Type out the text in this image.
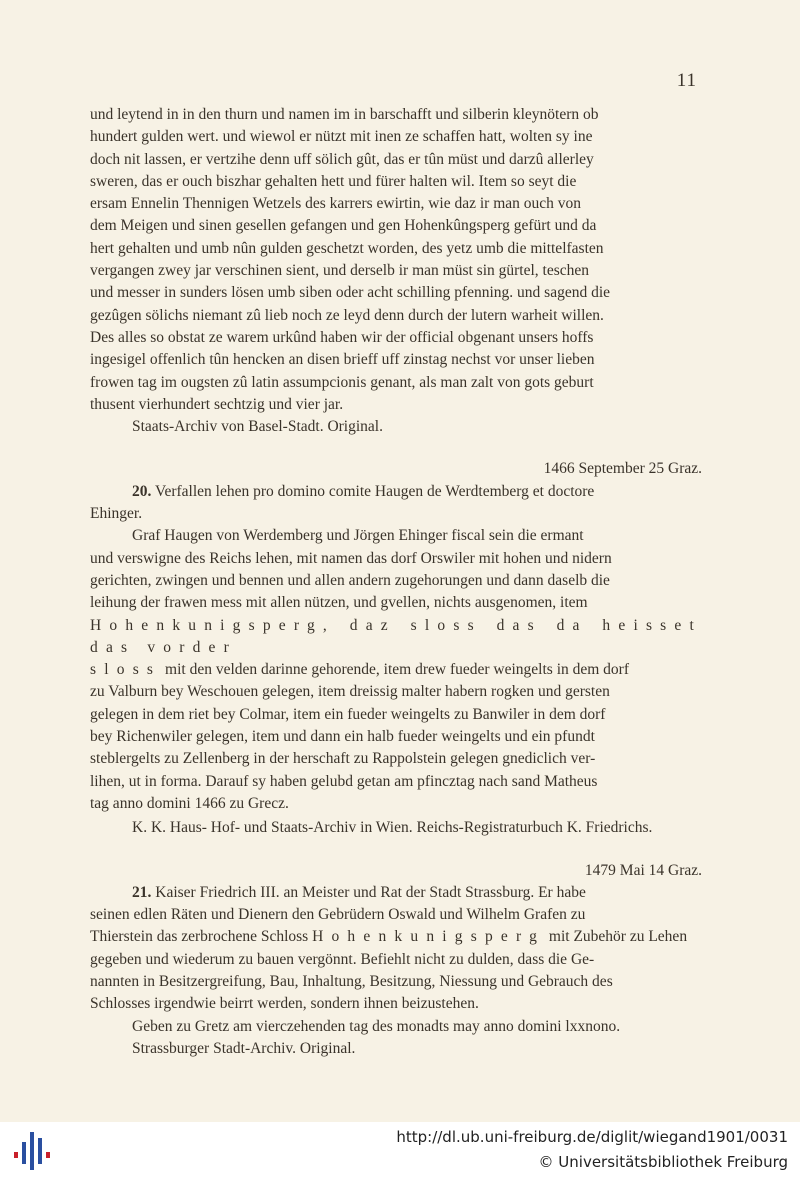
11

und leytend in in den thurn und namen im in barschafft und silberin kleynötern ob

hundert gulden wert. und wiewol er nützt mit inen ze schaffen hatt, wolten sy ine

doch nit lassen, er vertzihe denn uff sölich gût, das er tûn müst und darzû allerley

sweren, das er ouch biszhar gehalten hett und fürer halten wil. Item so seyt die

ersam Ennelin Thennigen Wetzels des karrers ewirtin, wie daz ir man ouch von

dem Meigen und sinen gesellen gefangen und gen Hohenkûngsperg gefürt und da

hert gehalten und umb nûn gulden geschetzt worden, des yetz umb die mittelfasten

vergangen zwey jar verschinen sient, und derselb ir man müst sin gürtel, teschen

und messer in sunders lösen umb siben oder acht schilling pfenning. und sagend die

gezûgen sölichs niemant zû lieb noch ze leyd denn durch der lutern warheit willen.

Des alles so obstat ze warem urkûnd haben wir der official obgenant unsers hoffs

ingesigel offenlich tûn hencken an disen brieff uff zinstag nechst vor unser lieben

frowen tag im ougsten zû latin assumpcionis genant, als man zalt von gots geburt

thusent vierhundert sechtzig und vier jar.

Staats-Archiv von Basel-Stadt. Original.

1466 September 25 Graz.

20. Verfallen lehen pro domino comite Haugen de Werdtemberg et doctore

Ehinger.

Graf Haugen von Werdemberg und Jörgen Ehinger fiscal sein die ermant

und verswigne des Reichs lehen, mit namen das dorf Orswiler mit hohen und nidern

gerichten, zwingen und bennen und allen andern zugehorungen und dann daselb die

leihung der frawen mess mit allen nützen, und gvellen, nichts ausgenomen, item

Hohenkunigsperg, daz sloss das da heisset das vorder

sloss mit den velden darinne gehorende, item drew fueder weingelts in dem dorf

zu Valburn bey Weschouen gelegen, item dreissig malter habern rogken und gersten

gelegen in dem riet bey Colmar, item ein fueder weingelts zu Banwiler in dem dorf

bey Richenwiler gelegen, item und dann ein halb fueder weingelts und ein pfundt

steblergelts zu Zellenberg in der herschaft zu Rappolstein gelegen gnediclich ver-

lihen, ut in forma. Darauf sy haben gelubd getan am pfincztag nach sand Matheus

tag anno domini 1466 zu Grecz.

K. K. Haus- Hof- und Staats-Archiv in Wien. Reichs-Registraturbuch K. Friedrichs.

1479 Mai 14 Graz.

21. Kaiser Friedrich III. an Meister und Rat der Stadt Strassburg. Er habe

seinen edlen Räten und Dienern den Gebrüdern Oswald und Wilhelm Grafen zu

Thierstein das zerbrochene Schloss Hohenkunigsperg mit Zubehör zu Lehen

gegeben und wiederum zu bauen vergönnt. Befiehlt nicht zu dulden, dass die Ge-

nannten in Besitzergreifung, Bau, Inhaltung, Besitzung, Niessung und Gebrauch des

Schlosses irgendwie beirrt werden, sondern ihnen beizustehen.

Geben zu Gretz am vierczehenden tag des monadts may anno domini lxxnono.

Strassburger Stadt-Archiv. Original.

http://dl.ub.uni-freiburg.de/diglit/wiegand1901/0031
© Universitätsbibliothek Freiburg
